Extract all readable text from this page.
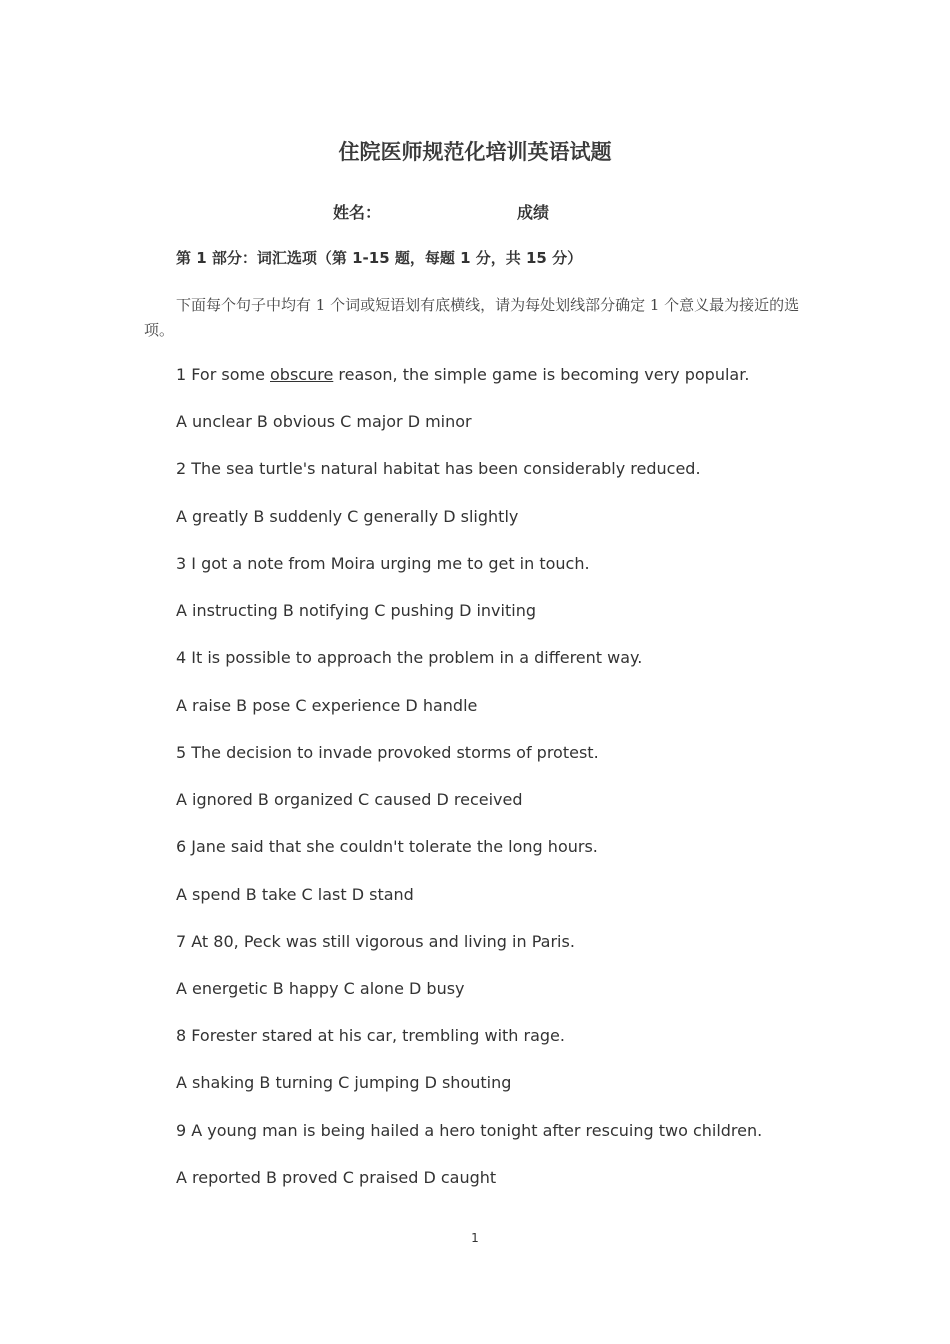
住院医师规范化培训英语试题
姓名：	成绩
第 1 部分：词汇选项（第 1-15 题，每题 1 分，共 15 分）
下面每个句子中均有 1 个词或短语划有底横线，请为每处划线部分确定 1 个意义最为接近的选项。
1 For some obscure reason, the simple game is becoming very popular.
A unclear B obvious C major D minor
2 The sea turtle's natural habitat has been considerably reduced.
A greatly B suddenly C generally D slightly
3 I got a note from Moira urging me to get in touch.
A instructing B notifying C pushing D inviting
4 It is possible to approach the problem in a different way.
A raise B pose C experience D handle
5 The decision to invade provoked storms of protest.
A ignored B organized C caused D received
6 Jane said that she couldn't tolerate the long hours.
A spend B take C last D stand
7 At 80, Peck was still vigorous and living in Paris.
A energetic B happy C alone D busy
8 Forester stared at his car, trembling with rage.
A shaking B turning C jumping D shouting
9 A young man is being hailed a hero tonight after rescuing two children.
A reported B proved C praised D caught
1
